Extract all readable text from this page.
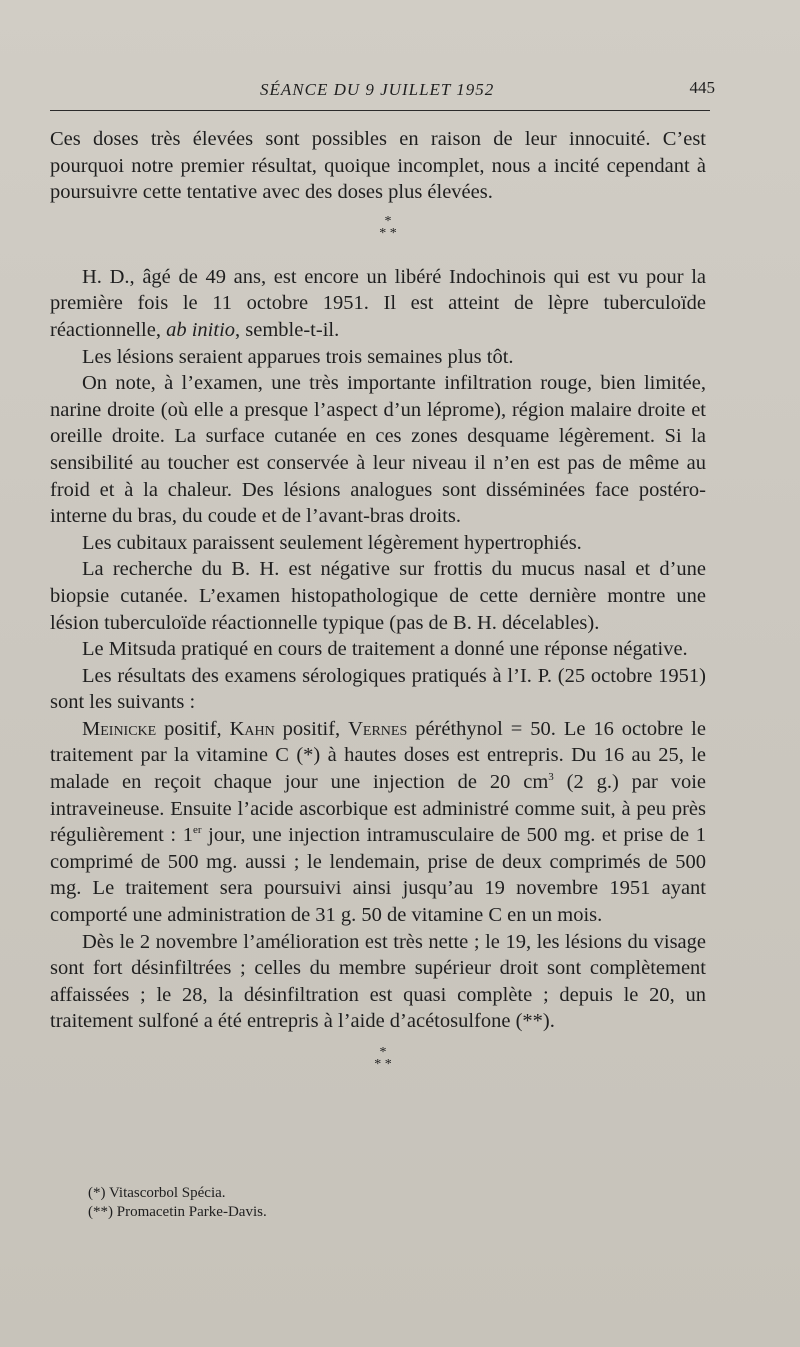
SÉANCE DU 9 JUILLET 1952	445

Ces doses très élevées sont possibles en raison de leur innocuité. C’est pourquoi notre premier résultat, quoique incomplet, nous a incité cependant à poursuivre cette tentative avec des doses plus élevées.

*
* *

H. D., âgé de 49 ans, est encore un libéré Indochinois qui est vu pour la première fois le 11 octobre 1951. Il est atteint de lèpre tuberculoïde réactionnelle, ab initio, semble-t-il.

Les lésions seraient apparues trois semaines plus tôt.

On note, à l’examen, une très importante infiltration rouge, bien limitée, narine droite (où elle a presque l’aspect d’un léprome), région malaire droite et oreille droite. La surface cutanée en ces zones desquame légèrement. Si la sensibilité au toucher est conservée à leur niveau il n’en est pas de même au froid et à la chaleur. Des lésions analogues sont disséminées face postéro-interne du bras, du coude et de l’avant-bras droits.

Les cubitaux paraissent seulement légèrement hypertrophiés.

La recherche du B. H. est négative sur frottis du mucus nasal et d’une biopsie cutanée. L’examen histopathologique de cette dernière montre une lésion tuberculoïde réactionnelle typique (pas de B. H. décelables).

Le Mitsuda pratiqué en cours de traitement a donné une réponse négative.

Les résultats des examens sérologiques pratiqués à l’I. P. (25 octobre 1951) sont les suivants :

Meinicke positif, Kahn positif, Vernes péréthynol = 50. Le 16 octobre le traitement par la vitamine C (*) à hautes doses est entrepris. Du 16 au 25, le malade en reçoit chaque jour une injection de 20 $cm^3$ (2 g.) par voie intraveineuse. Ensuite l’acide ascorbique est administré comme suit, à peu près régulièrement : 1er jour, une injection intramusculaire de 500 mg. et prise de 1 comprimé de 500 mg. aussi ; le lendemain, prise de deux comprimés de 500 mg. Le traitement sera poursuivi ainsi jusqu’au 19 novembre 1951 ayant comporté une administration de 31 g. 50 de vitamine C en un mois.

Dès le 2 novembre l’amélioration est très nette ; le 19, les lésions du visage sont fort désinfiltrées ; celles du membre supérieur droit sont complètement affaissées ; le 28, la désinfiltration est quasi complète ; depuis le 20, un traitement sulfoné a été entrepris à l’aide d’acétosulfone (**).

*
* *
(*) Vitascorbol Spécia.
(**) Promacetin Parke-Davis.
